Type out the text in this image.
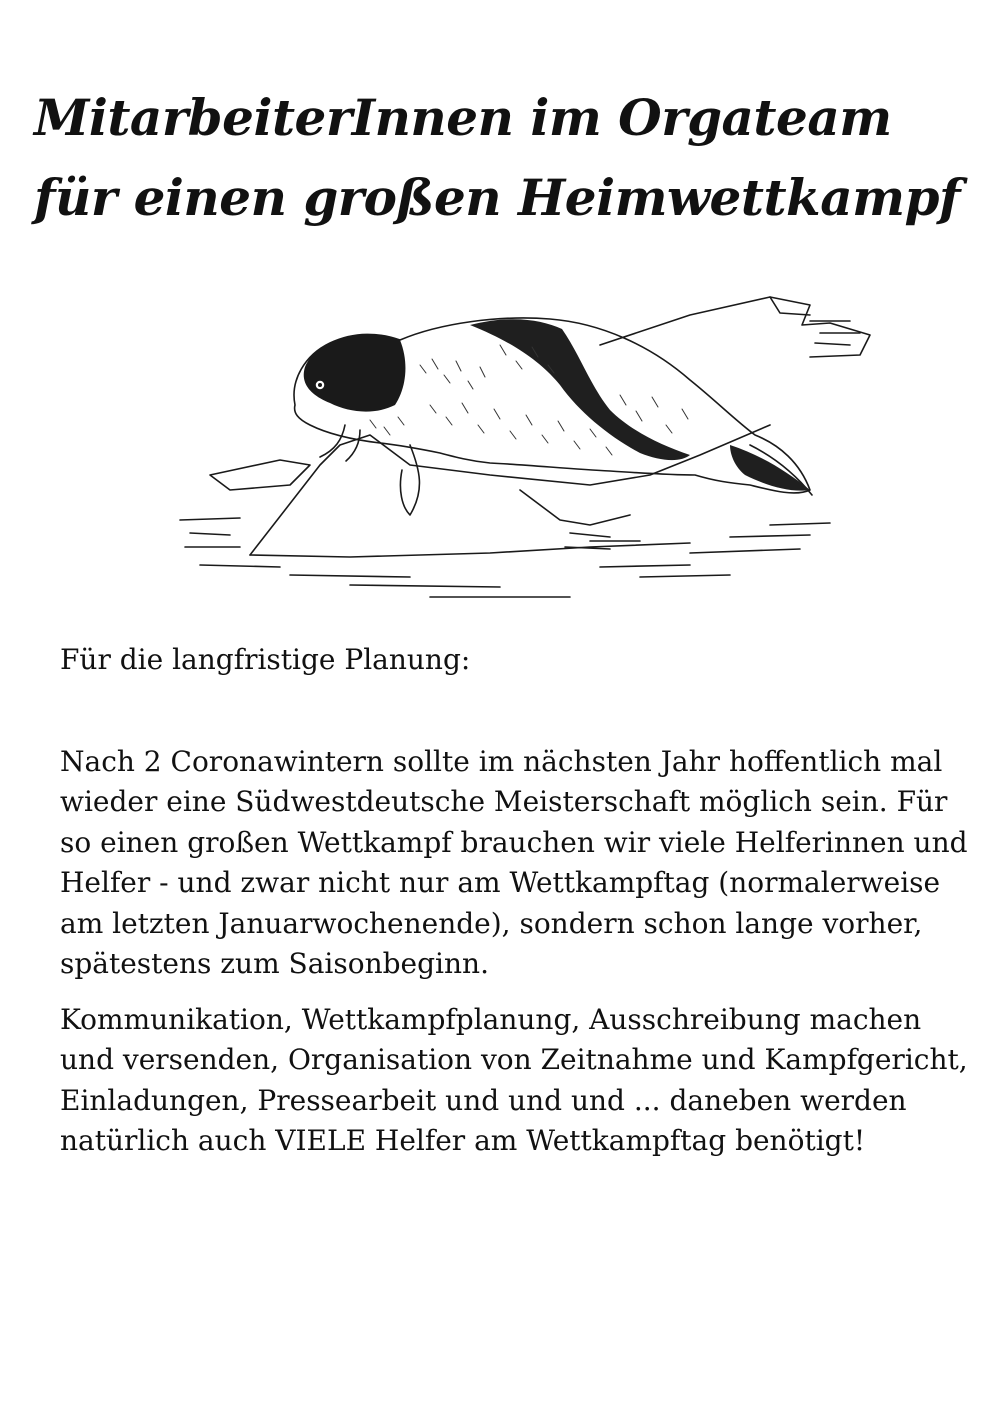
MitarbeiterInnen im Orgateam
für einen großen Heimwettkampf

Für die langfristige Planung:

Nach 2 Coronawintern sollte im nächsten Jahr hoffentlich mal wieder eine Südwestdeutsche Meisterschaft möglich sein. Für so einen großen Wettkampf brauchen wir viele Helferinnen und Helfer - und zwar nicht nur am Wettkampftag (normalerweise am letzten Januarwochenende), sondern schon lange vorher, spätestens zum Saisonbeginn.

Kommunikation, Wettkampfplanung, Ausschreibung machen und versenden, Organisation von Zeitnahme und Kampfgericht, Einladungen, Pressearbeit und und und ... daneben werden natürlich auch VIELE Helfer am Wettkampftag benötigt!
